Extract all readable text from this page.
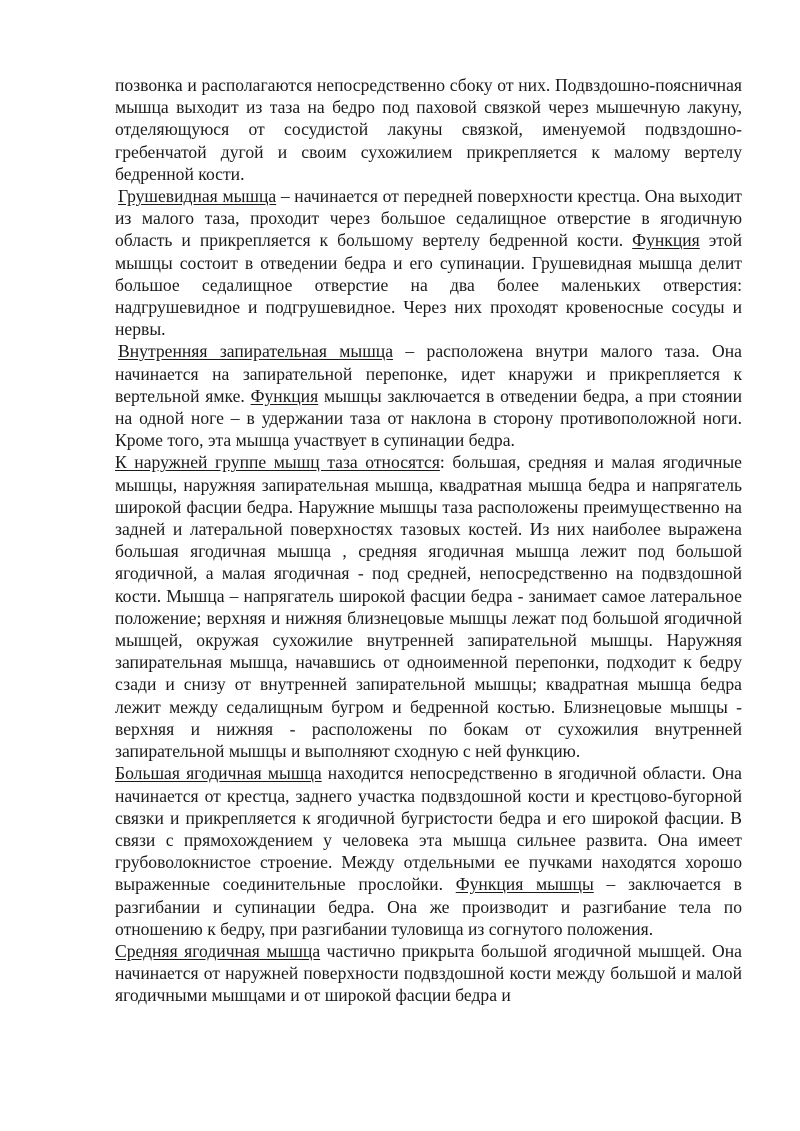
позвонка и располагаются непосредственно сбоку от них. Подвздошно-поясничная мышца выходит из таза на бедро под паховой связкой через мышечную лакуну, отделяющуюся от сосудистой лакуны связкой, именуемой подвздошно-гребенчатой дугой и своим сухожилием прикрепляется к малому вертелу бедренной кости.

Грушевидная мышца – начинается от передней поверхности крестца. Она выходит из малого таза, проходит через большое седалищное отверстие в ягодичную область и прикрепляется к большому вертелу бедренной кости. Функция этой мышцы состоит в отведении бедра и его супинации. Грушевидная мышца делит большое седалищное отверстие на два более маленьких отверстия: надгрушевидное и подгрушевидное. Через них проходят кровеносные сосуды и нервы.

Внутренняя запирательная мышца – расположена внутри малого таза. Она начинается на запирательной перепонке, идет кнаружи и прикрепляется к вертельной ямке. Функция мышцы заключается в отведении бедра, а при стоянии на одной ноге – в удержании таза от наклона в сторону противоположной ноги. Кроме того, эта мышца участвует в супинации бедра.

К наружней группе мышц таза относятся: большая, средняя и малая ягодичные мышцы, наружняя запирательная мышца, квадратная мышца бедра и напрягатель широкой фасции бедра. Наружние мышцы таза расположены преимущественно на задней и латеральной поверхностях тазовых костей. Из них наиболее выражена большая ягодичная мышца , средняя ягодичная мышца лежит под большой ягодичной, а малая ягодичная - под средней, непосредственно на подвздошной кости. Мышца – напрягатель широкой фасции бедра - занимает самое латеральное положение; верхняя и нижняя близнецовые мышцы лежат под большой ягодичной мышцей, окружая сухожилие внутренней запирательной мышцы. Наружняя запирательная мышца, начавшись от одноименной перепонки, подходит к бедру сзади и снизу от внутренней запирательной мышцы; квадратная мышца бедра лежит между седалищным бугром и бедренной костью. Близнецовые мышцы - верхняя и нижняя - расположены по бокам от сухожилия внутренней запирательной мышцы и выполняют сходную с ней функцию.

Большая ягодичная мышца находится непосредственно в ягодичной области. Она начинается от крестца, заднего участка подвздошной кости и крестцово-бугорной связки и прикрепляется к ягодичной бугристости бедра и его широкой фасции. В связи с прямохождением у человека эта мышца сильнее развита. Она имеет грубоволокнистое строение. Между отдельными ее пучками находятся хорошо выраженные соединительные прослойки. Функция мышцы – заключается в разгибании и супинации бедра. Она же производит и разгибание тела по отношению к бедру, при разгибании туловища из согнутого положения.

Средняя ягодичная мышца частично прикрыта большой ягодичной мышцей. Она начинается от наружней поверхности подвздошной кости между большой и малой ягодичными мышцами и от широкой фасции бедра и
